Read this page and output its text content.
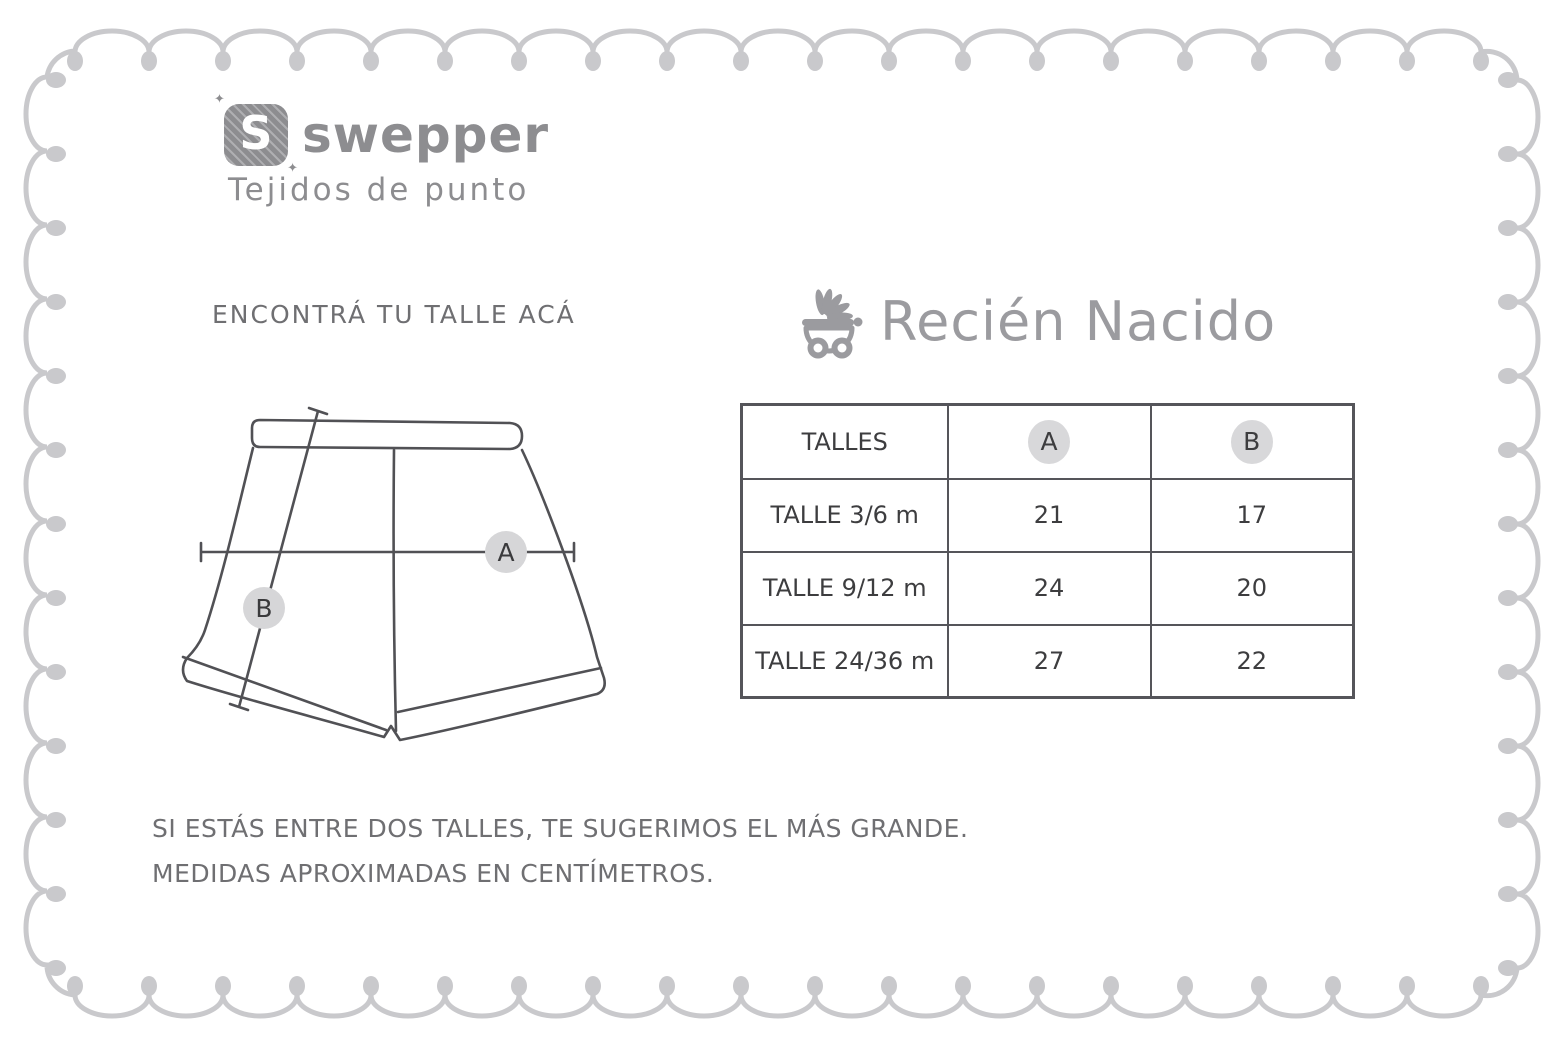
✦
S
✦
swepper
Tejidos de punto
ENCONTRÁ TU TALLE ACÁ	Recién Nacido
A
B
TALLES	A	B
TALLE 3/6 m	21	17
TALLE 9/12 m	24	20
TALLE 24/36 m	27	22
SI ESTÁS ENTRE DOS TALLES, TE SUGERIMOS EL MÁS GRANDE.
MEDIDAS APROXIMADAS EN CENTÍMETROS.
